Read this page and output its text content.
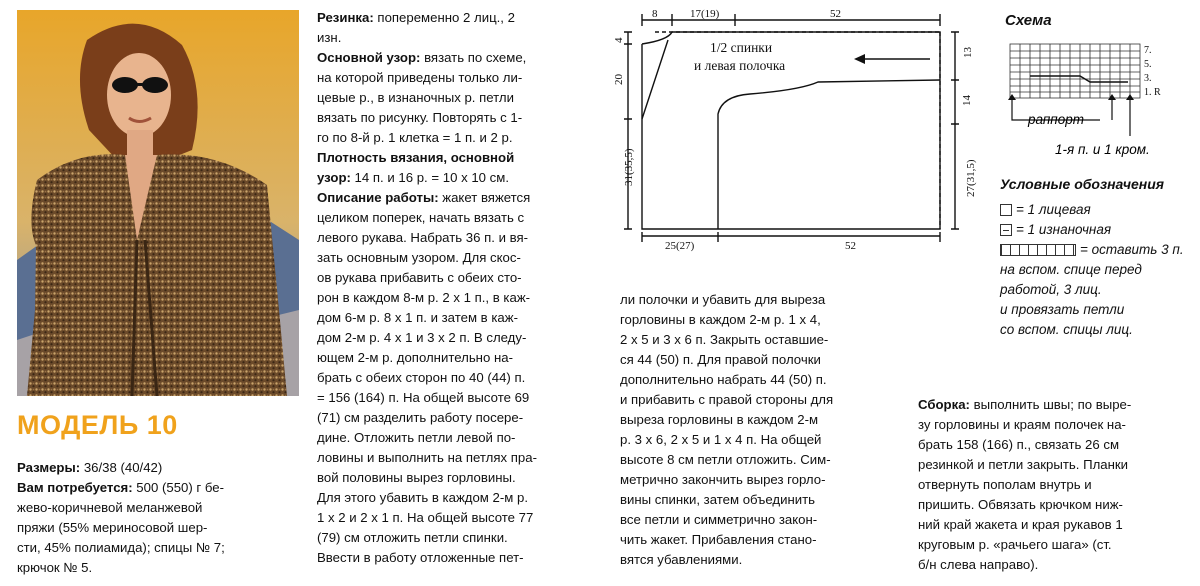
МОДЕЛЬ 10
Размеры: 36/38 (40/42)
Вам потребуется: 500 (550) г бе-
жево-коричневой меланжевой
пряжи (55% мериносовой шер-
сти, 45% полиамида); спицы № 7;
крючок № 5.
Резинка: попеременно 2 лиц., 2
изн.
Основной узор: вязать по схеме,
на которой приведены только ли-
цевые р., в изнаночных р. петли
вязать по рисунку. Повторять с 1-
го по 8-й р. 1 клетка = 1 п. и 2 р.
Плотность вязания, основной
узор: 14 п. и 16 р. = 10 х 10 см.
Описание работы: жакет вяжется
целиком поперек, начать вязать с
левого рукава. Набрать 36 п. и вя-
зать основным узором. Для скос-
ов рукава прибавить с обеих сто-
рон в каждом 8-м р. 2 х 1 п., в каж-
дом 6-м р. 8 х 1 п. и затем в каж-
дом 2-м р. 4 х 1 и 3 х 2 п. В следу-
ющем 2-м р. дополнительно на-
брать с обеих сторон по 40 (44) п.
= 156 (164) п. На общей высоте 69
(71) см разделить работу посере-
дине. Отложить петли левой по-
ловины и выполнить на петлях пра-
вой половины вырез горловины.
Для этого убавить в каждом 2-м р.
1 х 2 и 2 х 1 п. На общей высоте 77
(79) см отложить петли спинки.
Ввести в работу отложенные пет-
8	17(19)	52
25(27)	52
4
20
31(35,5)
13
14
27(31,5)
1/2 спинки
и левая полочка
ли полочки и убавить для выреза
горловины в каждом 2-м р. 1 х 4,
2 х 5 и 3 х 6 п. Закрыть оставшие-
ся 44 (50) п. Для правой полочки
дополнительно набрать 44 (50) п.
и прибавить с правой стороны для
выреза горловины в каждом 2-м
р. 3 х 6, 2 х 5 и 1 х 4 п. На общей
высоте 8 см петли отложить. Сим-
метрично закончить вырез горло-
вины спинки, затем объединить
все петли и симметрично закон-
чить жакет. Прибавления стано-
вятся убавлениями.
Схема
7.
5.
3.
1. R
раппорт
1-я п. и 1 кром.
Условные обозначения
= 1 лицевая
= 1 изнаночная
= оставить 3 п.
на вспом. спице перед
работой, 3 лиц.
и провязать петли
со вспом. спицы лиц.
Сборка: выполнить швы; по выре-
зу горловины и краям полочек на-
брать 158 (166) п., связать 26 см
резинкой и петли закрыть. Планки
отвернуть пополам внутрь и
пришить. Обвязать крючком ниж-
ний край жакета и края рукавов 1
круговым р. «рачьего шага» (ст.
б/н слева направо).
